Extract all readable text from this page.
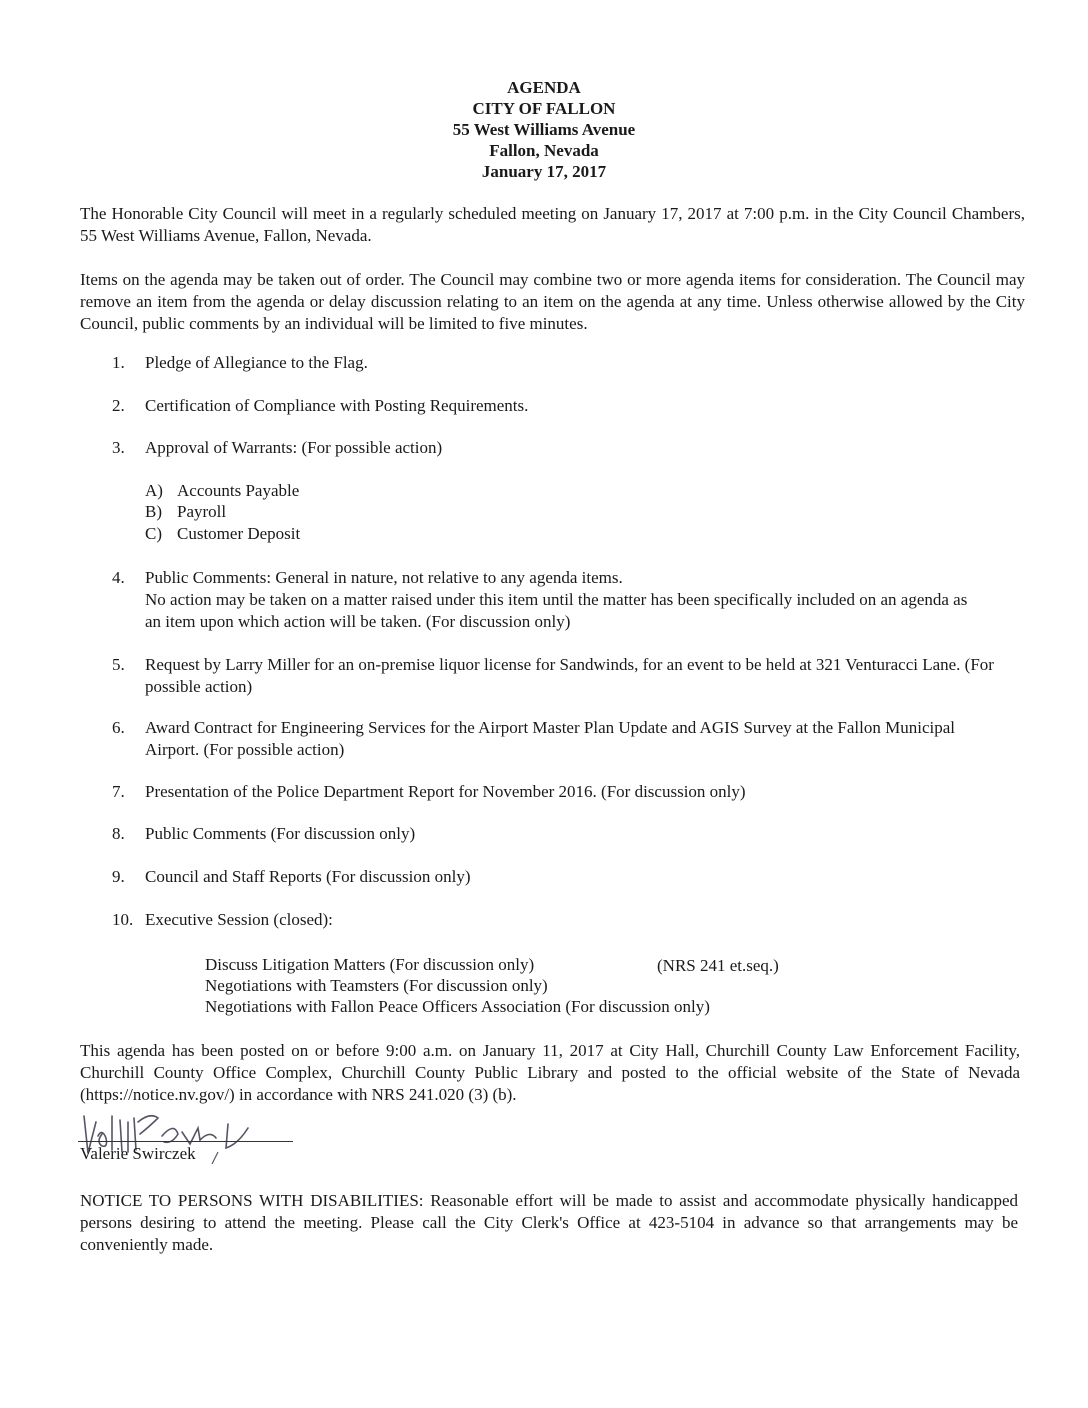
AGENDA
CITY OF FALLON
55 West Williams Avenue
Fallon, Nevada
January 17, 2017
The Honorable City Council will meet in a regularly scheduled meeting on January 17, 2017 at 7:00 p.m. in the City Council Chambers, 55 West Williams Avenue, Fallon, Nevada.
Items on the agenda may be taken out of order. The Council may combine two or more agenda items for consideration. The Council may remove an item from the agenda or delay discussion relating to an item on the agenda at any time. Unless otherwise allowed by the City Council, public comments by an individual will be limited to five minutes.
1.	Pledge of Allegiance to the Flag.
2.	Certification of Compliance with Posting Requirements.
3.	Approval of Warrants: (For possible action)
A) Accounts Payable
B) Payroll
C) Customer Deposit
4.	Public Comments: General in nature, not relative to any agenda items.
No action may be taken on a matter raised under this item until the matter has been specifically included on an agenda as an item upon which action will be taken. (For discussion only)
5.	Request by Larry Miller for an on-premise liquor license for Sandwinds, for an event to be held at 321 Venturacci Lane. (For possible action)
6.	Award Contract for Engineering Services for the Airport Master Plan Update and AGIS Survey at the Fallon Municipal Airport. (For possible action)
7.	Presentation of the Police Department Report for November 2016. (For discussion only)
8.	Public Comments (For discussion only)
9.	Council and Staff Reports (For discussion only)
10. Executive Session (closed):
Discuss Litigation Matters (For discussion only)	(NRS 241 et.seq.)
Negotiations with Teamsters (For discussion only)
Negotiations with Fallon Peace Officers Association (For discussion only)
This agenda has been posted on or before 9:00 a.m. on January 11, 2017 at City Hall, Churchill County Law Enforcement Facility, Churchill County Office Complex, Churchill County Public Library and posted to the official website of the State of Nevada (https://notice.nv.gov/) in accordance with NRS 241.020 (3) (b).
Valerie Swirczek
NOTICE TO PERSONS WITH DISABILITIES: Reasonable effort will be made to assist and accommodate physically handicapped persons desiring to attend the meeting. Please call the City Clerk's Office at 423-5104 in advance so that arrangements may be conveniently made.
